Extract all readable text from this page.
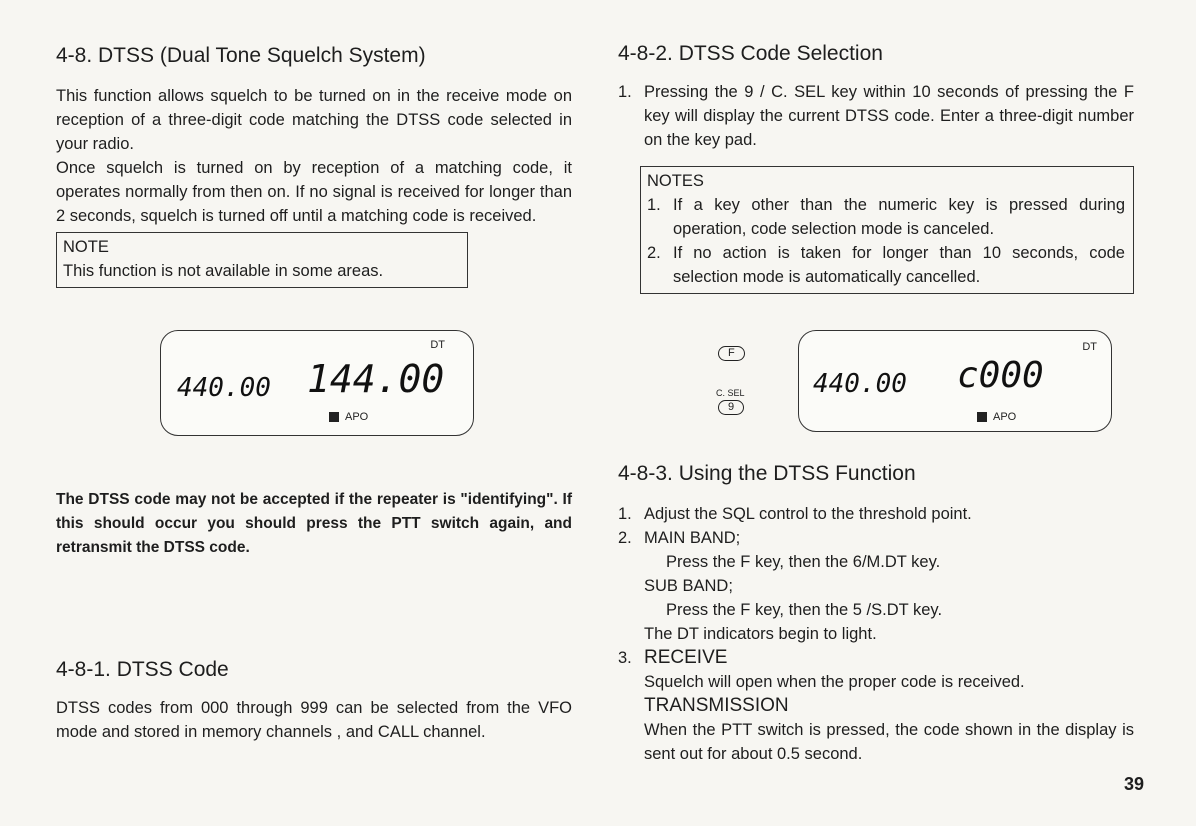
4-8. DTSS (Dual Tone Squelch System)

This function allows squelch to be turned on in the receive mode on reception of a three-digit code matching the DTSS code selected in your radio.

Once squelch is turned on by reception of a matching code, it operates normally from then on. If no signal is received for longer than 2 seconds, squelch is turned off until a matching code is received.

NOTE
This function is not available in some areas.
DT
440.00 144.00
APO

The DTSS code may not be accepted if the repeater is "identifying". If this should occur you should press the PTT switch again, and retransmit the DTSS code.

4-8-1. DTSS Code

DTSS codes from 000 through 999 can be selected from the VFO mode and stored in memory channels , and CALL channel.

4-8-2. DTSS Code Selection
1. Pressing the 9 / C. SEL key within 10 seconds of pressing the F key will display the current DTSS code. Enter a three-digit number on the key pad.
NOTES
1. If a key other than the numeric key is pressed during operation, code selection mode is canceled.
2. If no action is taken for longer than 10 seconds, code selection mode is automatically cancelled.
F
C. SEL
9
DT
440.00 c000
APO
4-8-3. Using the DTSS Function
1. Adjust the SQL control to the threshold point.
2. MAIN BAND;

Press the F key, then the 6/M.DT key.

SUB BAND;

Press the F key, then the 5 /S.DT key.

The DT indicators begin to light.

3. RECEIVE

Squelch will open when the proper code is received.

TRANSMISSION

When the PTT switch is pressed, the code shown in the display is sent out for about 0.5 second.

39
